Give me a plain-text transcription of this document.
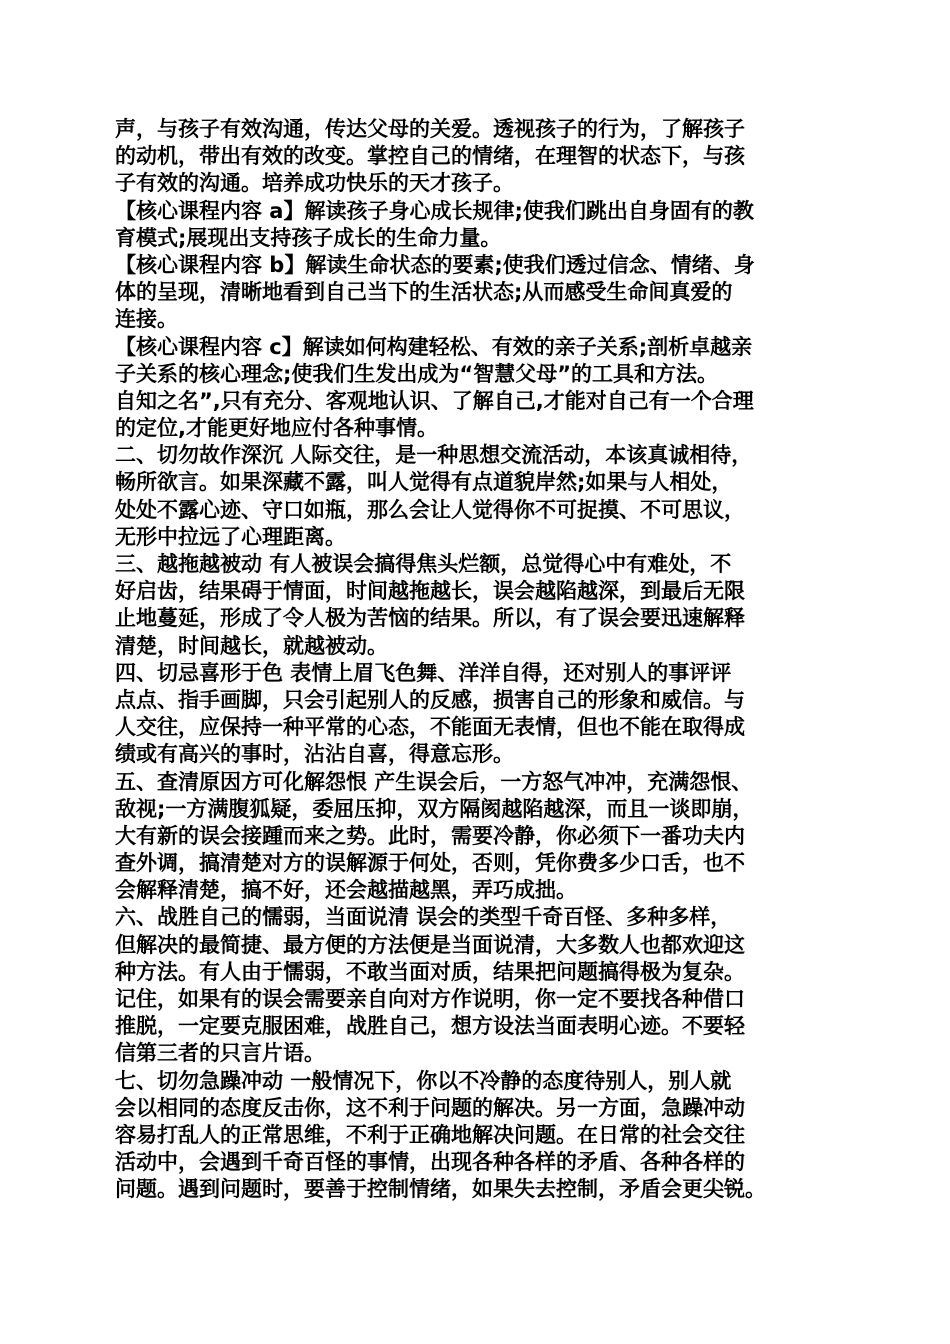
声，与孩子有效沟通，传达父母的关爱。透视孩子的行为，了解孩子
的动机，带出有效的改变。掌控自己的情绪，在理智的状态下，与孩
子有效的沟通。培养成功快乐的天才孩子。
【核心课程内容 a】解读孩子身心成长规律;使我们跳出自身固有的教
育模式;展现出支持孩子成长的生命力量。
【核心课程内容 b】解读生命状态的要素;使我们透过信念、情绪、身
体的呈现，清晰地看到自己当下的生活状态;从而感受生命间真爱的
连接。
【核心课程内容 c】解读如何构建轻松、有效的亲子关系;剖析卓越亲
子关系的核心理念;使我们生发出成为“智慧父母”的工具和方法。
自知之名”,只有充分、客观地认识、了解自己,才能对自己有一个合理
的定位,才能更好地应付各种事情。
二、切勿故作深沉 人际交往，是一种思想交流活动，本该真诚相待，
畅所欲言。如果深藏不露，叫人觉得有点道貌岸然;如果与人相处，
处处不露心迹、守口如瓶，那么会让人觉得你不可捉摸、不可思议，
无形中拉远了心理距离。
三、越拖越被动 有人被误会搞得焦头烂额，总觉得心中有难处，不
好启齿，结果碍于情面，时间越拖越长，误会越陷越深，到最后无限
止地蔓延，形成了令人极为苦恼的结果。所以，有了误会要迅速解释
清楚，时间越长，就越被动。
四、切忌喜形于色 表情上眉飞色舞、洋洋自得，还对别人的事评评
点点、指手画脚，只会引起别人的反感，损害自己的形象和威信。与
人交往，应保持一种平常的心态，不能面无表情，但也不能在取得成
绩或有高兴的事时，沾沾自喜，得意忘形。
五、查清原因方可化解怨恨 产生误会后，一方怒气冲冲，充满怨恨、
敌视;一方满腹狐疑，委屈压抑，双方隔阂越陷越深，而且一谈即崩，
大有新的误会接踵而来之势。此时，需要冷静，你必须下一番功夫内
查外调，搞清楚对方的误解源于何处，否则，凭你费多少口舌，也不
会解释清楚，搞不好，还会越描越黑，弄巧成拙。
六、战胜自己的懦弱，当面说清 误会的类型千奇百怪、多种多样，
但解决的最简捷、最方便的方法便是当面说清，大多数人也都欢迎这
种方法。有人由于懦弱，不敢当面对质，结果把问题搞得极为复杂。
记住，如果有的误会需要亲自向对方作说明，你一定不要找各种借口
推脱，一定要克服困难，战胜自己，想方设法当面表明心迹。不要轻
信第三者的只言片语。
七、切勿急躁冲动 一般情况下，你以不冷静的态度待别人，别人就
会以相同的态度反击你，这不利于问题的解决。另一方面，急躁冲动
容易打乱人的正常思维，不利于正确地解决问题。在日常的社会交往
活动中，会遇到千奇百怪的事情，出现各种各样的矛盾、各种各样的
问题。遇到问题时，要善于控制情绪，如果失去控制，矛盾会更尖锐。
